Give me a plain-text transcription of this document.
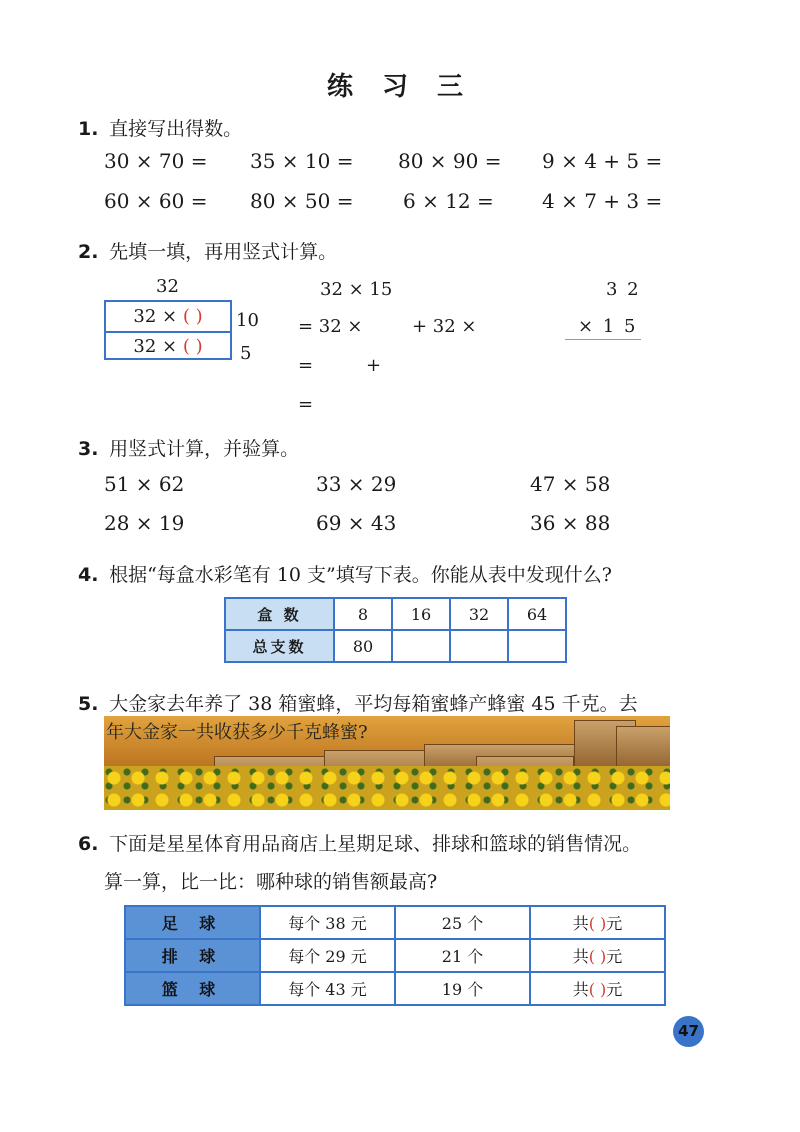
练 习 三
1. 直接写出得数。
30 × 70 = 35 × 10 = 80 × 90 = 9 × 4 + 5 =
60 × 60 = 80 × 50 = 6 × 12 = 4 × 7 + 3 =
2. 先填一填，再用竖式计算。
32
32 × ( )
32 × ( )
10
5
32 × 15
= 32 ×	+ 32 ×
=	+
=
3 2
× 1 5
3. 用竖式计算，并验算。
51 × 62	33 × 29	47 × 58
28 × 19	69 × 43	36 × 88
4. 根据“每盒水彩笔有 10 支”填写下表。你能从表中发现什么?
盒 数	8	16	32	64
总支数	80			
5. 大金家去年养了 38 箱蜜蜂，平均每箱蜜蜂产蜂蜜 45 千克。去
年大金家一共收获多少千克蜂蜜?
6. 下面是星星体育用品商店上星期足球、排球和篮球的销售情况。
算一算，比一比：哪种球的销售额最高?
足 球	每个 38 元	25 个	共( )元
排 球	每个 29 元	21 个	共( )元
篮 球	每个 43 元	19 个	共( )元
47
